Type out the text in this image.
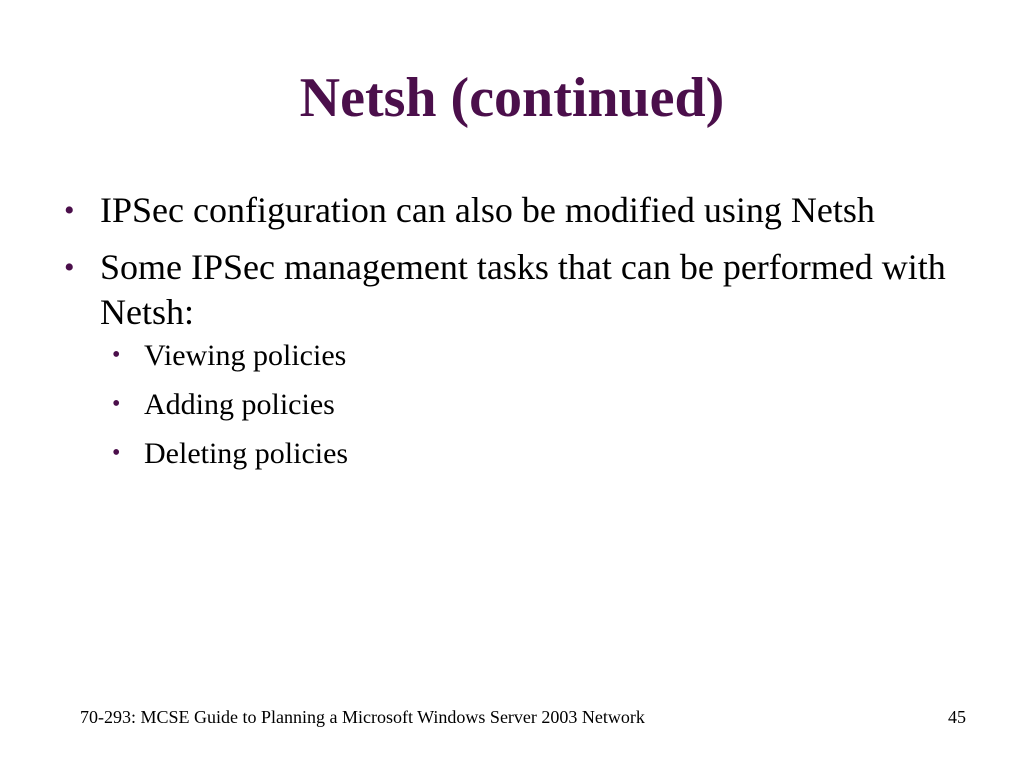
Netsh (continued)
• IPSec configuration can also be modified using Netsh
• Some IPSec management tasks that can be performed with Netsh:
• Viewing policies
• Adding policies
• Deleting policies
70-293: MCSE Guide to Planning a Microsoft Windows Server 2003 Network	45
